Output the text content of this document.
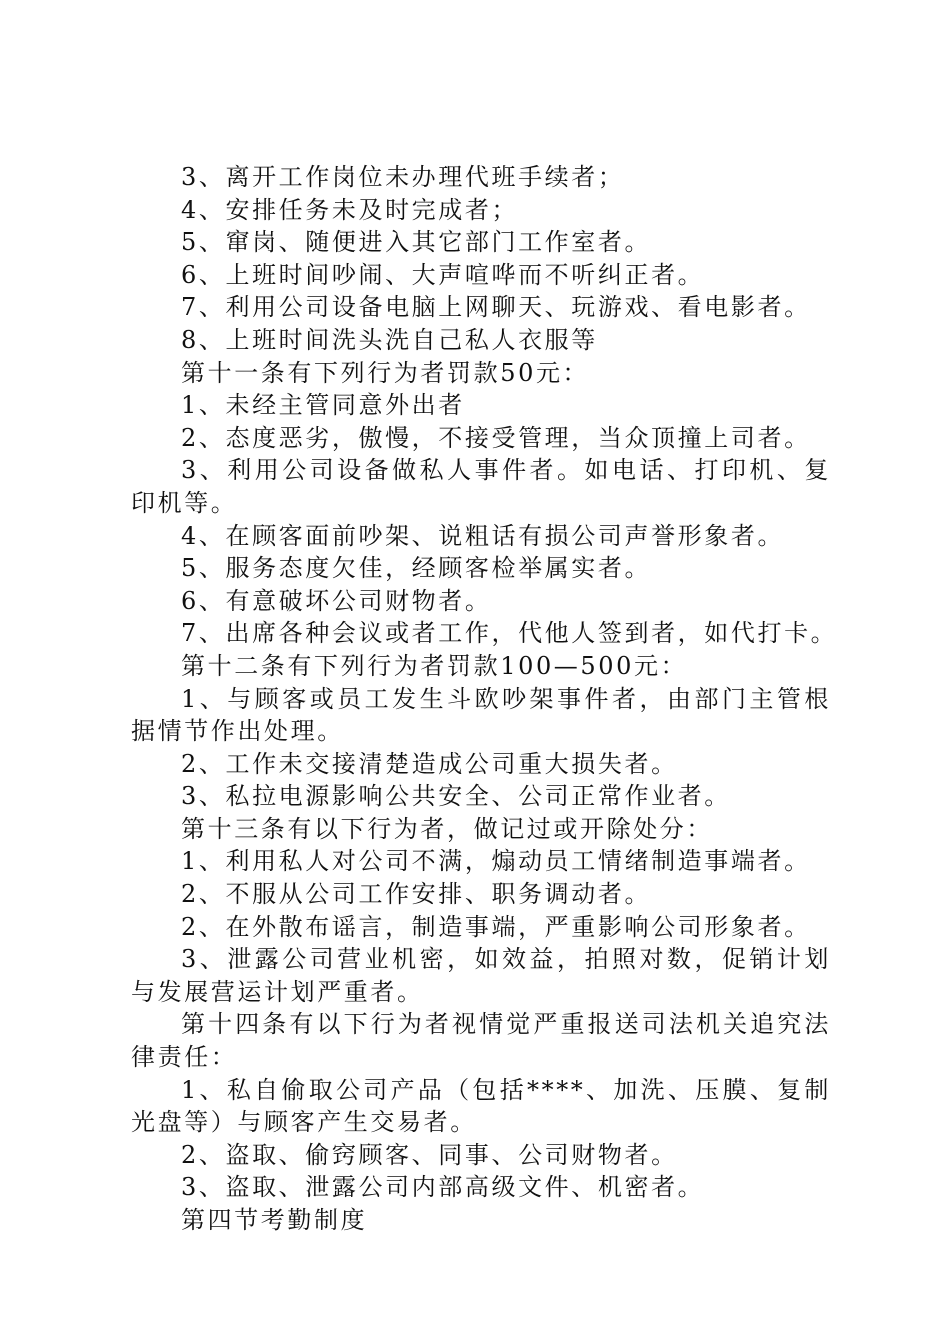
3、离开工作岗位未办理代班手续者；
4、安排任务未及时完成者；
5、窜岗、随便进入其它部门工作室者。
6、上班时间吵闹、大声喧哗而不听纠正者。
7、利用公司设备电脑上网聊天、玩游戏、看电影者。
8、上班时间洗头洗自己私人衣服等
第十一条有下列行为者罚款50元：
1、未经主管同意外出者
2、态度恶劣，傲慢，不接受管理，当众顶撞上司者。
3、利用公司设备做私人事件者。如电话、打印机、复印机等。
4、在顾客面前吵架、说粗话有损公司声誉形象者。
5、服务态度欠佳，经顾客检举属实者。
6、有意破坏公司财物者。
7、出席各种会议或者工作，代他人签到者，如代打卡。
第十二条有下列行为者罚款100—500元：
1、与顾客或员工发生斗欧吵架事件者，由部门主管根据情节作出处理。
2、工作未交接清楚造成公司重大损失者。
3、私拉电源影响公共安全、公司正常作业者。
第十三条有以下行为者，做记过或开除处分：
1、利用私人对公司不满，煽动员工情绪制造事端者。
2、不服从公司工作安排、职务调动者。
2、在外散布谣言，制造事端，严重影响公司形象者。
3、泄露公司营业机密，如效益，拍照对数，促销计划与发展营运计划严重者。
第十四条有以下行为者视情觉严重报送司法机关追究法律责任：
1、私自偷取公司产品（包括****、加洗、压膜、复制光盘等）与顾客产生交易者。
2、盗取、偷窍顾客、同事、公司财物者。
3、盗取、泄露公司内部高级文件、机密者。
第四节考勤制度
